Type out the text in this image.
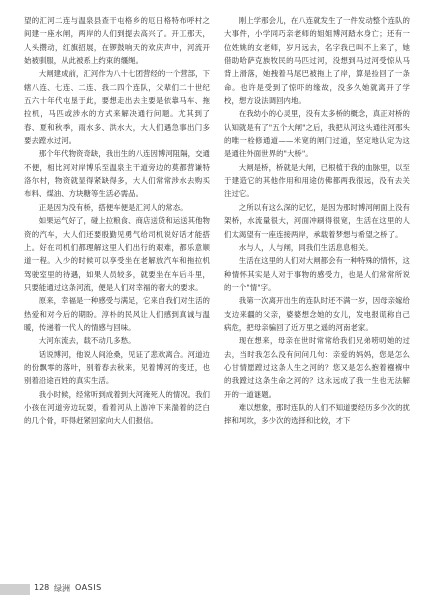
望的汇河二连与温泉县查干屯格乡的厄日格特布呼村之间建一座水闸，两岸的人们到提去高兴了。开工那天，人头攒动，红旗招展，在锣鼓响天的欢庆声中，河流开始被驯服，从此被系上约束的缰绳。

大闸建成前，汇河作为八十七团营经的一个营部，下辖八连、七连、二连、我二四个连队，父辈们二十世纪五六十年代屯垦于此，要想走出去主要是依靠马车、拖拉机，马匹或涉水的方式来解决通行问题。尤其到了春、夏和秋季，雨水多、洪水大，大人们遇急事出门多要去蹚水过河。

那个年代物资奇缺，我出生的八连因博河阻隔，交通不便，相比河对岸博乐至温泉主干道旁边的莫都营谦特洛尔村，物资就显得紧缺得多，大人们常常涉水去购买布料、煤油、方块糖等生活必需品。

正是因为没有桥，搭便车便是汇河人的常态。

如果运气好了，碰上拉粮食、商店送货和运送其他物资的汽车，大人们还要殷勤见勇气给司机说好话才能搭上。好在司机们都理解这里人们出行的艰难，都乐意顺道一程。入少的时候可以享受坐在老解放汽车和拖拉机驾驶室里的待遇，如果人员较多，就要坐在车后斗里，只要能通过这条河流，便是人们对幸福的奢大的要求。

原来，幸福是一种感受与满足，它来自我们对生活的热爱和对今后的期盼。淳朴的民风让人们感到真诚与温暖，传递着一代人的情感与回味。

大河东流去，载不动几多愁。

话说博河，他说人间沧桑，见证了悲欢离合。河道边的份飘零的落叶，别着春去秋来，见着博河的变迁，也别着沿途百姓的真实生活。

我小时候，经常听到成着到大河淹死人的情况。我们小孩在河道旁边玩耍，看着河从上游冲下来湍着的泛白的几个骨，吓得赶紧回家向大人们报信。

刚上学那会儿，在八连就发生了一件发动整个连队的大事件，小学同巧亲老师的姐姐博河踏水身亡；还有一位姓姚的女老师，岁月远去，名字我已叫不上来了，她借助哈萨克族牧民的马匹过河，没想到马过河受惊从马背上滑落，她拽着马尾巴被拖上了岸，算是捡回了一条命。也许是受到了惊吓的缘故，没多久她就离开了学校，想方设法调回内地。

在我幼小的心灵里，没有太多桥的概念，真正对桥的认知就是有了"五个大闸"之后，我把从河这头通往河那头的唯一栓修通道——米宽的闸门过道，坚定地认定为这是通往外面世界的"大桥"。

大闸是桥，桥就是大闸，已根植于我的血脉里，以至于建造它的其他作用和用途仿佛都两我很远，没有去关注过它。

之所以有这么深的记忆，是因为那时博河闸面上没有架桥，水流量很大，河面冲刷得很宽，生活在这里的人们太渴望有一座连接两岸，承载着梦想与希望之桥了。

水与人，人与闸，同我们生活息息相关。

生活在这里的人们对大闸都会有一种特殊的情怀，这种情怀其实是人对于事物的感受力，也是人们常常所说的一个"情"字。

我第一次离开出生的连队时还不满一岁，因母亲嫁给支边来疆的父亲，婆婆想念她的女儿，发电报谎称自己病危，把母亲骗回了近万里之遥的河南老家。

现在想来，母亲在世时常常给我们兄弟唠叨她的过去，当时我怎么没有问问几句：亲爱的妈妈，您是怎么心甘情愿蹚过这条人生之河的？您又是怎么抱着襁褓中的我蹚过这条生命之河的？这永远成了我一生也无法解开的一道谜题。

难以想象，那时连队的人们不知道要经历多少次的扰摔和坷坎，多少次的选择和比较，才下

128 绿洲 OASIS
